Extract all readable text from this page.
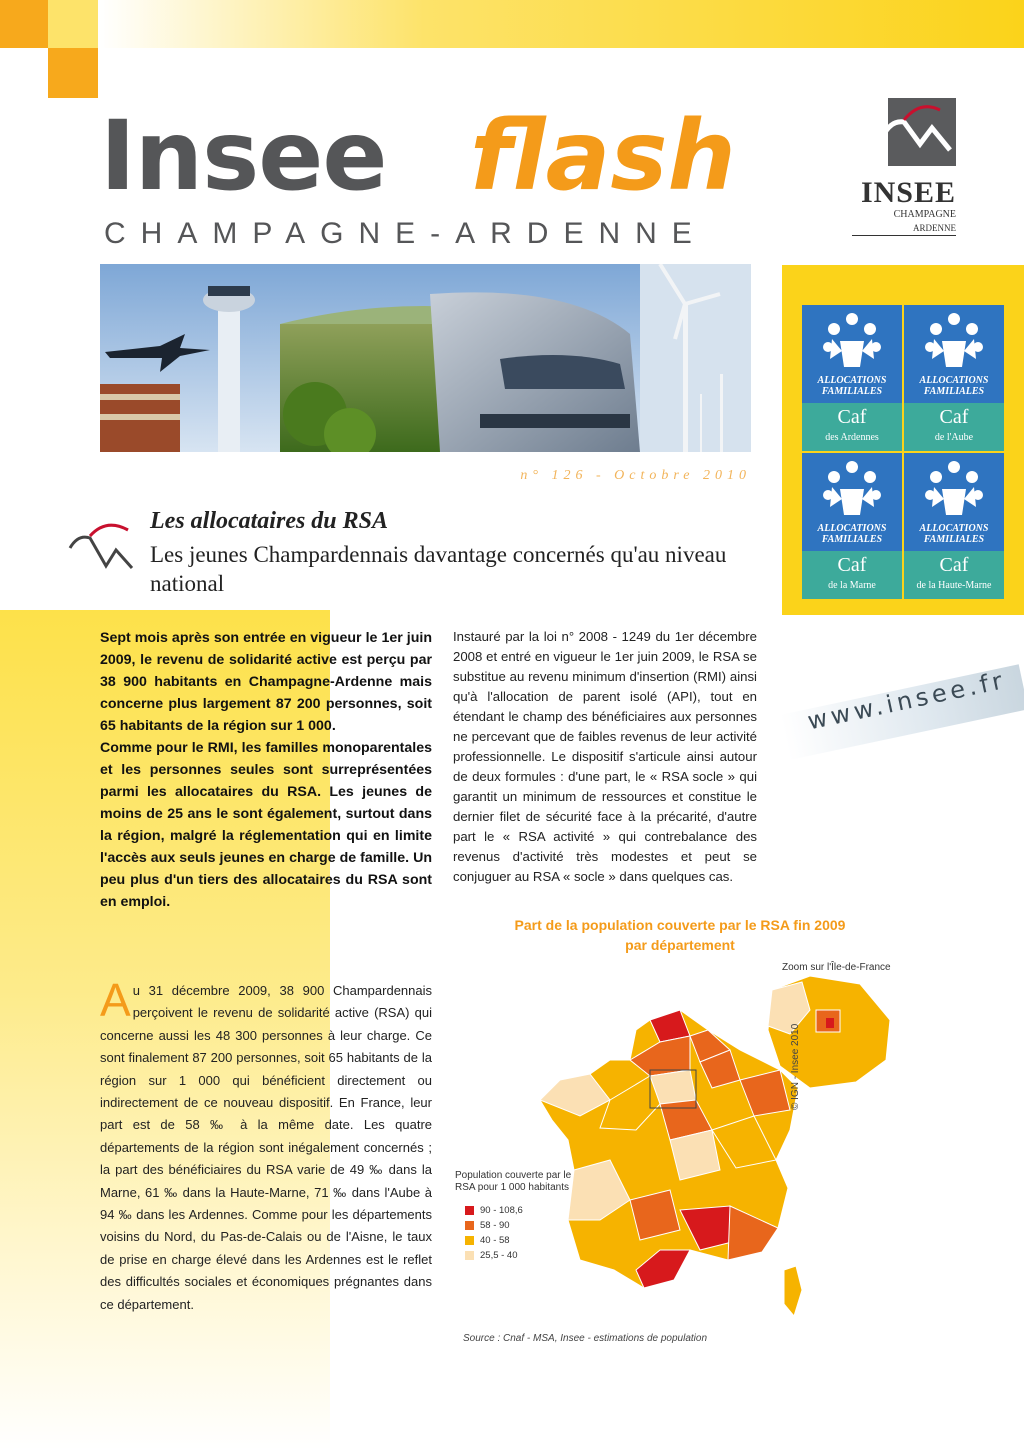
Insee flash
CHAMPAGNE-ARDENNE
INSEE
CHAMPAGNE
ARDENNE
n° 126 - Octobre 2010
ALLOCATIONS FAMILIALES
Caf
des Ardennes
ALLOCATIONS FAMILIALES
Caf
de l'Aube
ALLOCATIONS FAMILIALES
Caf
de la Marne
ALLOCATIONS FAMILIALES
Caf
de la Haute-Marne
www.insee.fr
Les allocataires du RSA
Les jeunes Champardennais davantage concernés qu'au niveau national

Sept mois après son entrée en vigueur le 1er juin 2009, le revenu de solidarité active est perçu par 38 900 habitants en Champagne-Ardenne mais concerne plus largement 87 200 personnes, soit 65 habitants de la région sur 1 000.

Comme pour le RMI, les familles monoparentales et les personnes seules sont surreprésentées parmi les allocataires du RSA. Les jeunes de moins de 25 ans le sont également, surtout dans la région, malgré la réglementation qui en limite l'accès aux seuls jeunes en charge de famille. Un peu plus d'un tiers des allocataires du RSA sont en emploi.

Instauré par la loi n° 2008 - 1249 du 1er décembre 2008 et entré en vigueur le 1er juin 2009, le RSA se substitue au revenu minimum d'insertion (RMI) ainsi qu'à l'allocation de parent isolé (API), tout en étendant le champ des bénéficiaires aux personnes ne percevant que de faibles revenus de leur activité professionnelle. Le dispositif s'articule ainsi autour de deux formules : d'une part, le « RSA socle » qui garantit un minimum de ressources et constitue le dernier filet de sécurité face à la précarité, d'autre part le « RSA activité » qui contrebalance des revenus d'activité très modestes et peut se conjuguer au RSA « socle » dans quelques cas.
Au 31 décembre 2009, 38 900 Champardennais perçoivent le revenu de solidarité active (RSA) qui concerne aussi les 48 300 personnes à leur charge. Ce sont finalement 87 200 personnes, soit 65 habitants de la région sur 1 000 qui bénéficient directement ou indirectement de ce nouveau dispositif. En France, leur part est de 58 ‰ à la même date. Les quatre départements de la région sont inégalement concernés ; la part des bénéficiaires du RSA varie de 49 ‰ dans la Marne, 61 ‰ dans la Haute-Marne, 71 ‰ dans l'Aube à 94 ‰ dans les Ardennes. Comme pour les départements voisins du Nord, du Pas-de-Calais ou de l'Aisne, le taux de prise en charge élevé dans les Ardennes est le reflet des difficultés sociales et économiques prégnantes dans ce département.
Part de la population couverte par le RSA fin 2009
par département
Zoom sur l'Île-de-France
© IGN - Insee 2010
Population couverte par le RSA pour 1 000 habitants
90 - 108,6
58 - 90
40 - 58
25,5 - 40
Source : Cnaf - MSA, Insee - estimations de population
